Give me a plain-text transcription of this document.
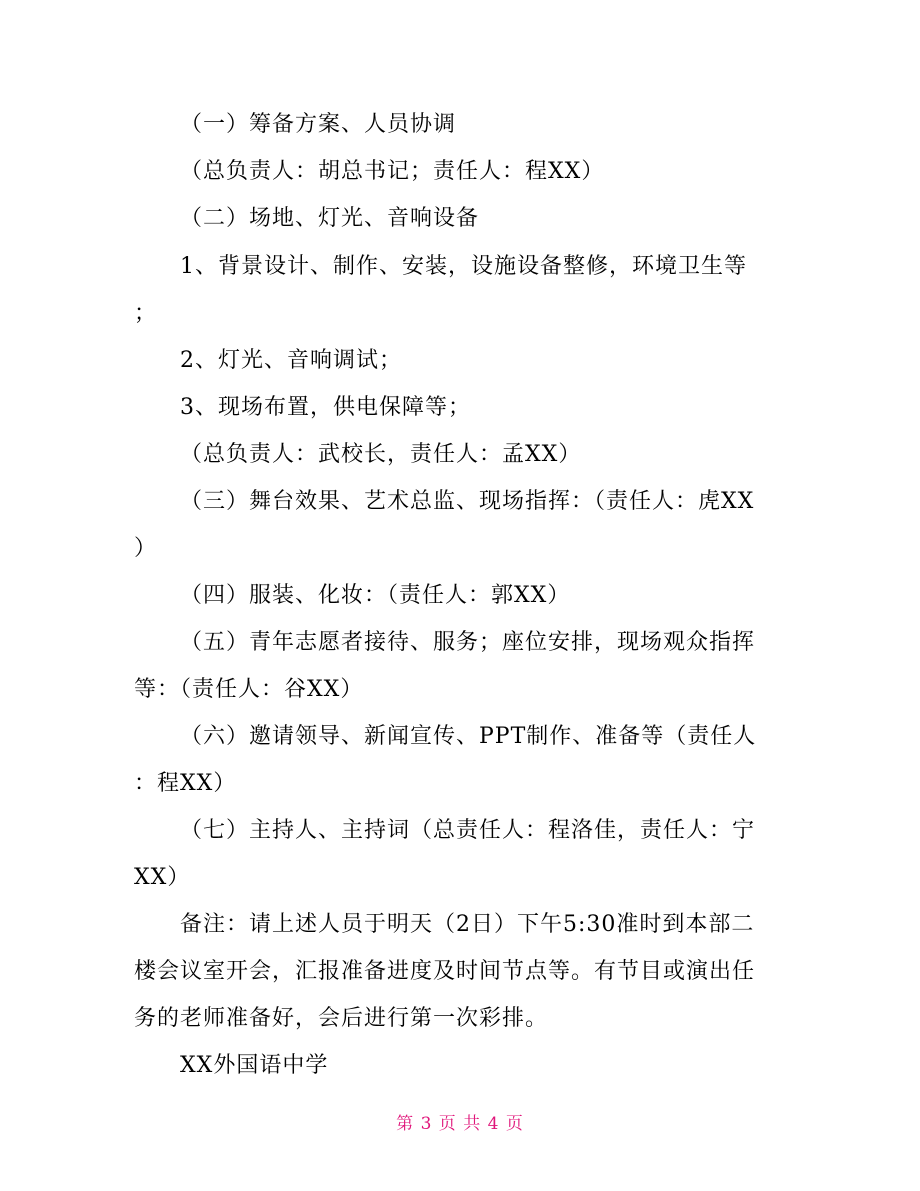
（一）筹备方案、人员协调
（总负责人：胡总书记；责任人：程XX）
（二）场地、灯光、音响设备
1、背景设计、制作、安装，设施设备整修，环境卫生等
；
2、灯光、音响调试；
3、现场布置，供电保障等；
（总负责人：武校长，责任人：孟XX）
（三）舞台效果、艺术总监、现场指挥：（责任人：虎XX
）
（四）服装、化妆：（责任人：郭XX）
（五）青年志愿者接待、服务；座位安排，现场观众指挥
等：（责任人：谷XX）
（六）邀请领导、新闻宣传、PPT制作、准备等（责任人
：程XX）
（七）主持人、主持词（总责任人：程洛佳，责任人：宁
XX）
备注：请上述人员于明天（2日）下午5:30准时到本部二
楼会议室开会，汇报准备进度及时间节点等。有节目或演出任
务的老师准备好，会后进行第一次彩排。
XX外国语中学
第 3 页 共 4 页
